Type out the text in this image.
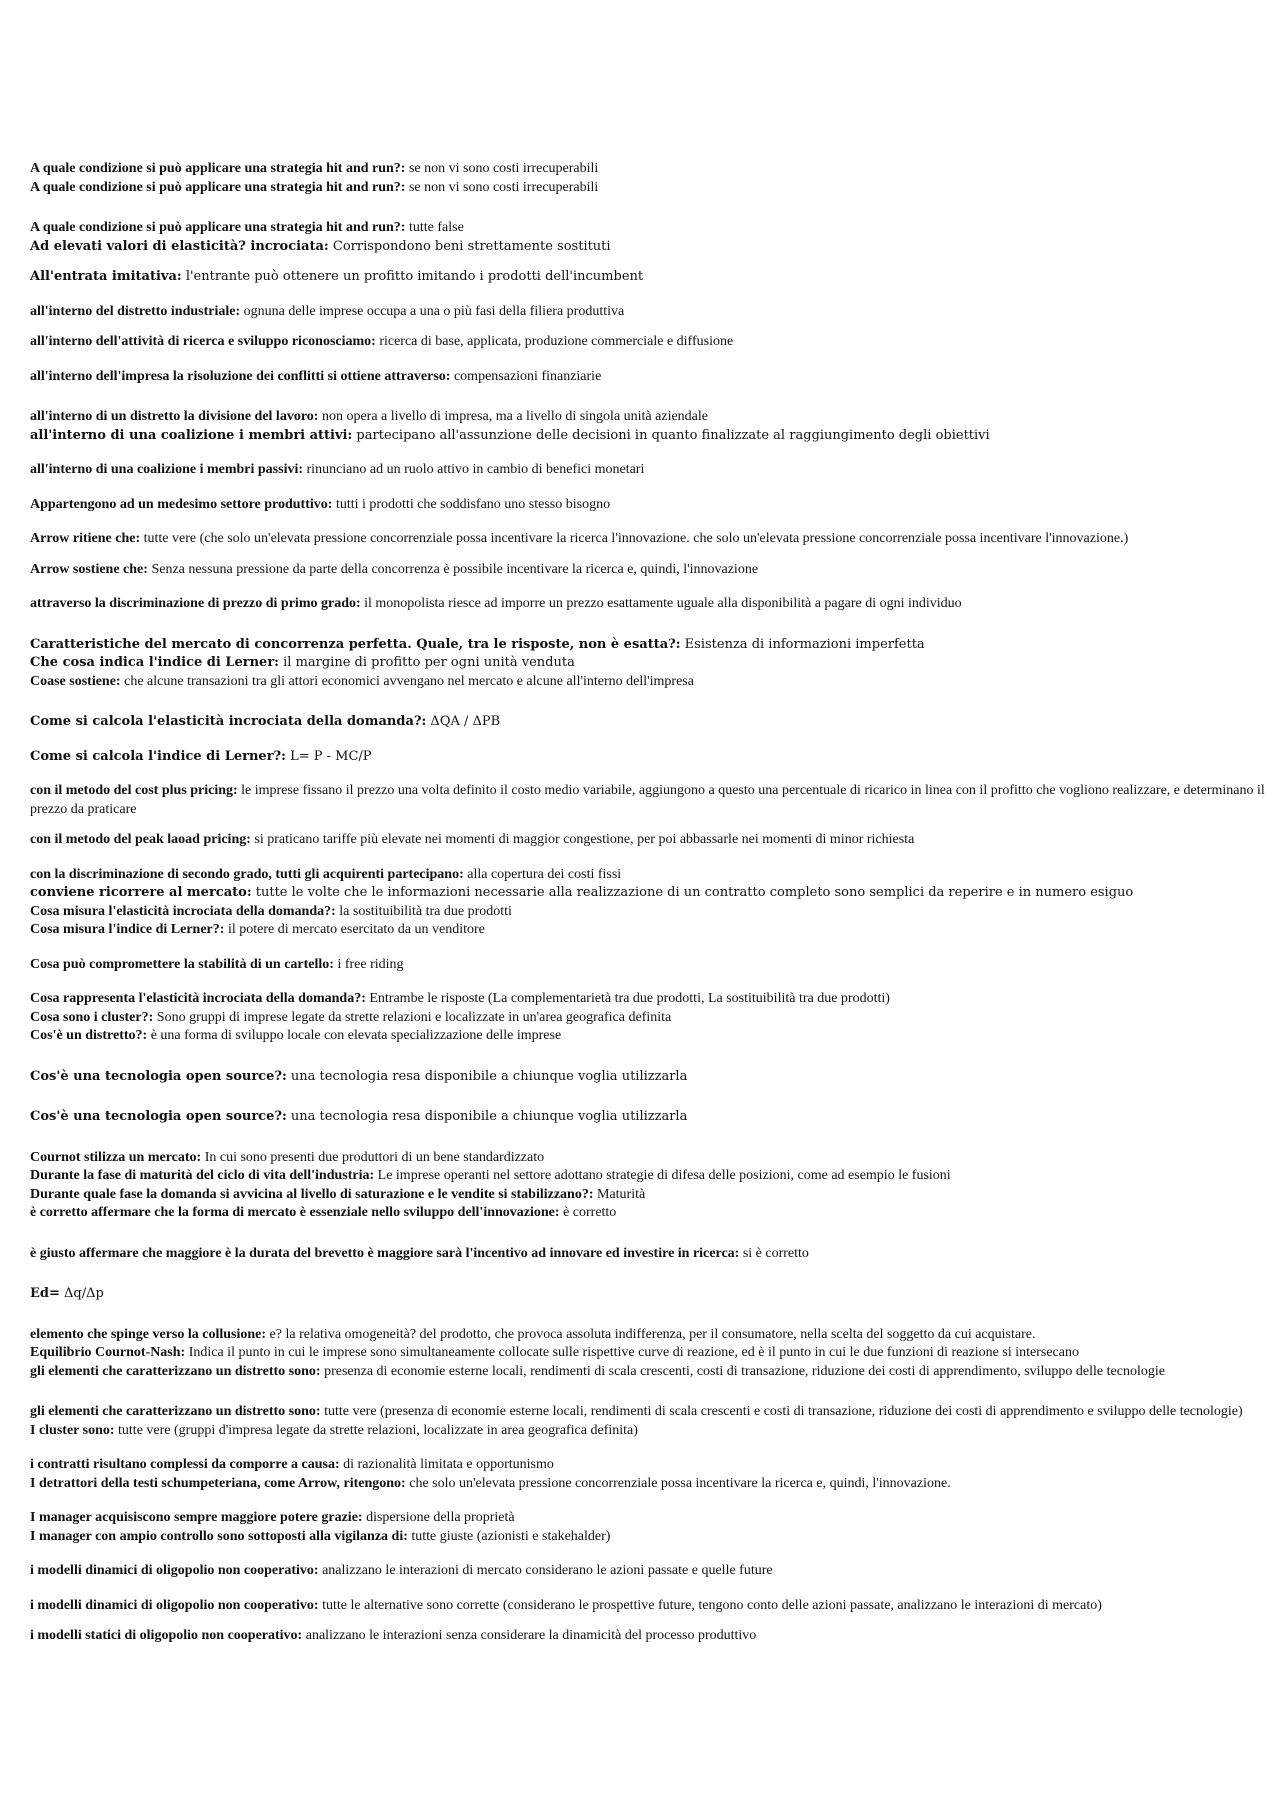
A quale condizione si può applicare una strategia hit and run?: se non vi sono costi irrecuperabili

A quale condizione si può applicare una strategia hit and run?: se non vi sono costi irrecuperabili

A quale condizione si può applicare una strategia hit and run?: tutte false

Ad elevati valori di elasticità? incrociata: Corrispondono beni strettamente sostituti

All'entrata imitativa: l'entrante può ottenere un profitto imitando i prodotti dell'incumbent

all'interno del distretto industriale: ognuna delle imprese occupa a una o più fasi della filiera produttiva

all'interno dell'attività di ricerca e sviluppo riconosciamo: ricerca di base, applicata, produzione commerciale e diffusione

all'interno dell'impresa la risoluzione dei conflitti si ottiene attraverso: compensazioni finanziarie

all'interno di un distretto la divisione del lavoro: non opera a livello di impresa, ma a livello di singola unità aziendale

all'interno di una coalizione i membri attivi: partecipano all'assunzione delle decisioni in quanto finalizzate al raggiungimento degli obiettivi

all'interno di una coalizione i membri passivi: rinunciano ad un ruolo attivo in cambio di benefici monetari

Appartengono ad un medesimo settore produttivo: tutti i prodotti che soddisfano uno stesso bisogno

Arrow ritiene che: tutte vere (che solo un'elevata pressione concorrenziale possa incentivare la ricerca l'innovazione. che solo un'elevata pressione concorrenziale possa incentivare l'innovazione.)

Arrow sostiene che: Senza nessuna pressione da parte della concorrenza è possibile incentivare la ricerca e, quindi, l'innovazione

attraverso la discriminazione di prezzo di primo grado: il monopolista riesce ad imporre un prezzo esattamente uguale alla disponibilità a pagare di ogni individuo

Caratteristiche del mercato di concorrenza perfetta. Quale, tra le risposte, non è esatta?: Esistenza di informazioni imperfetta

Che cosa indica l'indice di Lerner: il margine di profitto per ogni unità venduta

Coase sostiene: che alcune transazioni tra gli attori economici avvengano nel mercato e alcune all'interno dell'impresa

Come si calcola l'elasticità incrociata della domanda?: ΔQA / ΔPB

Come si calcola l'indice di Lerner?: L= P - MC/P

con il metodo del cost plus pricing: le imprese fissano il prezzo una volta definito il costo medio variabile, aggiungono a questo una percentuale di ricarico in linea con il profitto che vogliono realizzare, e determinano il prezzo da praticare

con il metodo del peak laoad pricing: si praticano tariffe più elevate nei momenti di maggior congestione, per poi abbassarle nei momenti di minor richiesta

con la discriminazione di secondo grado, tutti gli acquirenti partecipano: alla copertura dei costi fissi

conviene ricorrere al mercato: tutte le volte che le informazioni necessarie alla realizzazione di un contratto completo sono semplici da reperire e in numero esiguo

Cosa misura l'elasticità incrociata della domanda?: la sostituibilità tra due prodotti

Cosa misura l'indice di Lerner?: il potere di mercato esercitato da un venditore

Cosa può compromettere la stabilità di un cartello: i free riding

Cosa rappresenta l'elasticità incrociata della domanda?: Entrambe le risposte (La complementarietà tra due prodotti, La sostituibilità tra due prodotti)

Cosa sono i cluster?: Sono gruppi di imprese legate da strette relazioni e localizzate in un'area geografica definita

Cos'è un distretto?: è una forma di sviluppo locale con elevata specializzazione delle imprese

Cos'è una tecnologia open source?: una tecnologia resa disponibile a chiunque voglia utilizzarla

Cos'è una tecnologia open source?: una tecnologia resa disponibile a chiunque voglia utilizzarla

Cournot stilizza un mercato: In cui sono presenti due produttori di un bene standardizzato

Durante la fase di maturità del ciclo di vita dell'industria: Le imprese operanti nel settore adottano strategie di difesa delle posizioni, come ad esempio le fusioni

Durante quale fase la domanda si avvicina al livello di saturazione e le vendite si stabilizzano?: Maturità

è corretto affermare che la forma di mercato è essenziale nello sviluppo dell'innovazione: è corretto

è giusto affermare che maggiore è la durata del brevetto è maggiore sarà l'incentivo ad innovare ed investire in ricerca: si è corretto

Ed= Δq/Δp

elemento che spinge verso la collusione: e? la relativa omogeneità? del prodotto, che provoca assoluta indifferenza, per il consumatore, nella scelta del soggetto da cui acquistare.

Equilibrio Cournot-Nash: Indica il punto in cui le imprese sono simultaneamente collocate sulle rispettive curve di reazione, ed è il punto in cui le due funzioni di reazione si intersecano

gli elementi che caratterizzano un distretto sono: presenza di economie esterne locali, rendimenti di scala crescenti, costi di transazione, riduzione dei costi di apprendimento, sviluppo delle tecnologie

gli elementi che caratterizzano un distretto sono: tutte vere (presenza di economie esterne locali, rendimenti di scala crescenti e costi di transazione, riduzione dei costi di apprendimento e sviluppo delle tecnologie)

I cluster sono: tutte vere (gruppi d'impresa legate da strette relazioni, localizzate in area geografica definita)

i contratti risultano complessi da comporre a causa: di razionalità limitata e opportunismo

I detrattori della testi schumpeteriana, come Arrow, ritengono: che solo un'elevata pressione concorrenziale possa incentivare la ricerca e, quindi, l'innovazione.

I manager acquisiscono sempre maggiore potere grazie: dispersione della proprietà

I manager con ampio controllo sono sottoposti alla vigilanza di: tutte giuste (azionisti e stakehalder)

i modelli dinamici di oligopolio non cooperativo: analizzano le interazioni di mercato considerano le azioni passate e quelle future

i modelli dinamici di oligopolio non cooperativo: tutte le alternative sono corrette (considerano le prospettive future, tengono conto delle azioni passate, analizzano le interazioni di mercato)

i modelli statici di oligopolio non cooperativo: analizzano le interazioni senza considerare la dinamicità del processo produttivo
